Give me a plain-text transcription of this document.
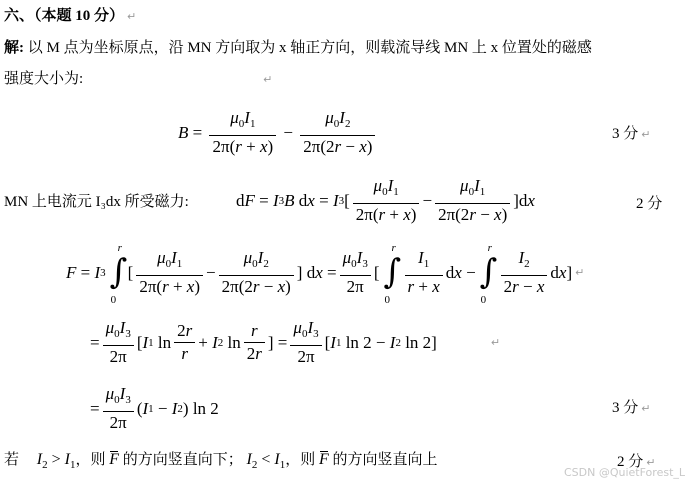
六、（本题 10 分） ↵
解: 以 M 点为坐标原点，沿 MN 方向取为 x 轴正方向，则载流导线 MN 上 x 位置处的磁感
强度大小为:	↵
$B = \frac{\mu_0I_1}{2\pi(r + x)} - \frac{\mu_0I_2}{2\pi(2r - x)}$	3 分 ↵
MN 上电流元 I₃dx 所受磁力:	d F = I 3 B d x = I 3 [ $\frac{\mu_0I_1}{2\pi(r + x)} - \frac{\mu_0I_1}{2\pi(2r - x)} ]d$ x	2 分
F = I 3 ∫
r
0
[ $\frac{\mu_0I_1}{2\pi(r + x)} - \frac{\mu_0I_2}{2\pi(2r - x)}$ ] d $x = \frac{\mu_0I_3}{2\pi}$ [ ∫
r
0
$\frac{I_1}{r + x}$ d x − ∫
r
0
$\frac{I_2}{2r - x}$ d x ] ↵
= $\frac{\mu_0I_3}{2\pi}$ [ I 1 $\ln \frac{2r}{r} + I$ 2 $\ln \frac{r}{2r}$ ] = $\frac{\mu_0I_3}{2\pi}$ [ I 1 ln 2 − I 2 ln 2]	↵
= $\frac{\mu_0I_3}{2\pi}$ ( I 1 − I 2 ) ln 2	3 分 ↵
若 $I_2 > I_1$，则 F 的方向竖直向下； $I_2 < I_1$，则 F 的方向竖直向上	2 分 ↵
CSDN @QuietForest_L
